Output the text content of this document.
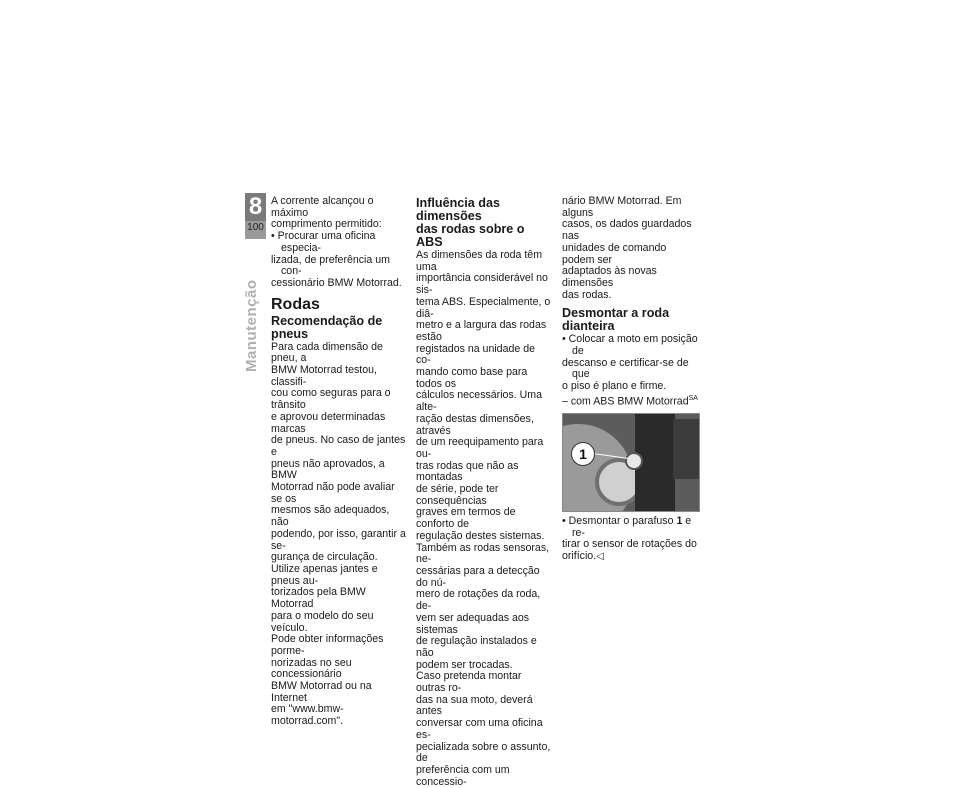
8
100
Manutenção

A corrente alcançou o máximo

comprimento permitido:

• Procurar uma oficina especia-

lizada, de preferência um con-

cessionário BMW Motorrad.

Rodas
Recomendação de pneus

Para cada dimensão de pneu, a

BMW Motorrad testou, classifi-

cou como seguras para o trânsito

e aprovou determinadas marcas

de pneus. No caso de jantes e

pneus não aprovados, a BMW

Motorrad não pode avaliar se os

mesmos são adequados, não

podendo, por isso, garantir a se-

gurança de circulação.

Utilize apenas jantes e pneus au-

torizados pela BMW Motorrad

para o modelo do seu veículo.

Pode obter informações porme-

norizadas no seu concessionário

BMW Motorrad ou na Internet

em "www.bmw-motorrad.com".

Influência das dimensões
das rodas sobre o ABS

As dimensões da roda têm uma

importância considerável no sis-

tema ABS. Especialmente, o diâ-

metro e a largura das rodas estão

registados na unidade de co-

mando como base para todos os

cálculos necessários. Uma alte-

ração destas dimensões, através

de um reequipamento para ou-

tras rodas que não as montadas

de série, pode ter consequências

graves em termos de conforto de

regulação destes sistemas.

Também as rodas sensoras, ne-

cessárias para a detecção do nú-

mero de rotações da roda, de-

vem ser adequadas aos sistemas

de regulação instalados e não

podem ser trocadas.

Caso pretenda montar outras ro-

das na sua moto, deverá antes

conversar com uma oficina es-

pecializada sobre o assunto, de

preferência com um concessio-

nário BMW Motorrad. Em alguns

casos, os dados guardados nas

unidades de comando podem ser

adaptados às novas dimensões

das rodas.

Desmontar a roda
dianteira

• Colocar a moto em posição de

descanso e certificar-se de que

o piso é plano e firme.

– com ABS BMW Motorrad$^{SA}$

1

• Desmontar o parafuso 1 e re-

tirar o sensor de rotações do

orifício.◁
